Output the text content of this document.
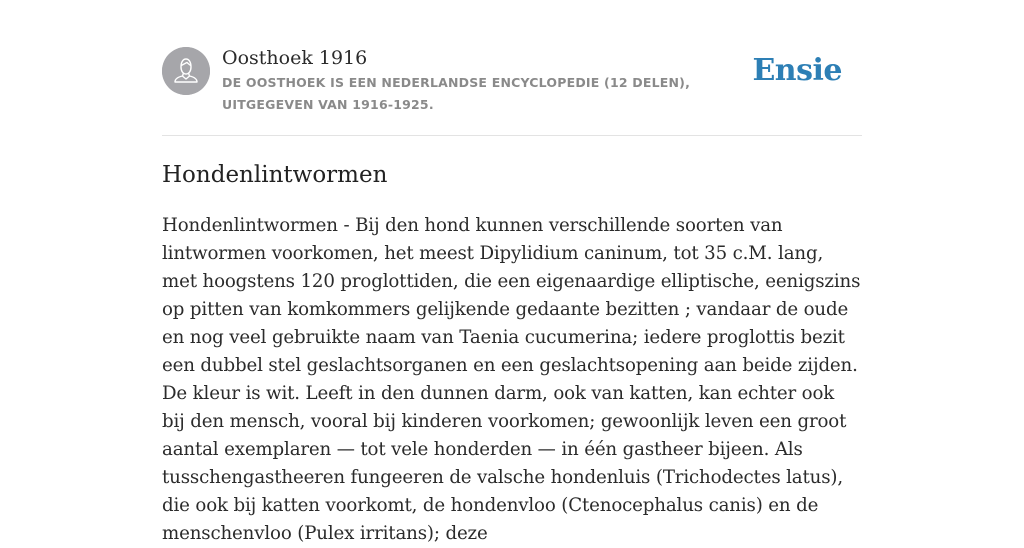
Oosthoek 1916
DE OOSTHOEK IS EEN NEDERLANDSE ENCYCLOPEDIE (12 DELEN), UITGEGEVEN VAN 1916-1925.
Ensie
Hondenlintwormen

Hondenlintwormen - Bij den hond kunnen verschillende soorten van lintwormen voorkomen, het meest Dipylidium caninum, tot 35 c.M. lang, met hoogstens 120 proglottiden, die een eigenaardige elliptische, eenigszins op pitten van komkommers gelijkende gedaante bezitten ; vandaar de oude en nog veel gebruikte naam van Taenia cucumerina; iedere proglottis bezit een dubbel stel geslachtsorganen en een geslachtsopening aan beide zijden. De kleur is wit. Leeft in den dunnen darm, ook van katten, kan echter ook bij den mensch, vooral bij kinderen voorkomen; gewoonlijk leven een groot aantal exemplaren — tot vele honderden — in één gastheer bijeen. Als tusschengastheeren fungeeren de valsche hondenluis (Trichodectes latus), die ook bij katten voorkomt, de hondenvloo (Ctenocephalus canis) en de menschenvloo (Pulex irritans); deze
